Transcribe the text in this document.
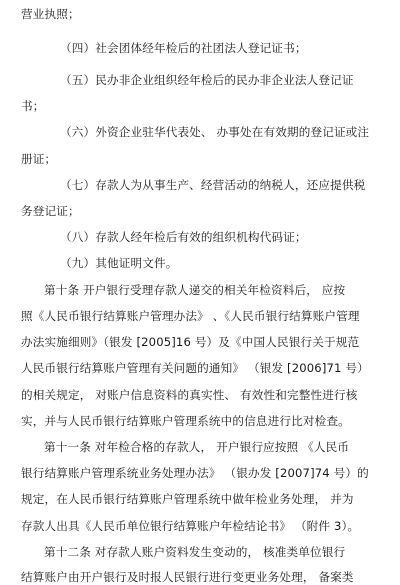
营业执照；
（四）社会团体经年检后的社团法人登记证书；
（五）民办非企业组织经年检后的民办非企业法人登记证
书；
（六）外资企业驻华代表处、 办事处在有效期的登记证或注
册证；
（七）存款人为从事生产、经营活动的纳税人，还应提供税
务登记证；
（八）存款人经年检后有效的组织机构代码证；
（九）其他证明文件。
第十条 开户银行受理存款人递交的相关年检资料后， 应按
照《人民币银行结算账户管理办法》 、《人民币银行结算账户管理
办法实施细则》（银发 [2005]16 号）及《中国人民银行关于规范
人民币银行结算账户管理有关问题的通知》 （银发 [2006]71 号）
的相关规定， 对账户信息资料的真实性、 有效性和完整性进行核
实，并与人民币银行结算账户管理系统中的信息进行比对检查。
第十一条 对年检合格的存款人， 开户银行应按照 《人民币
银行结算账户管理系统业务处理办法》 （银办发 [2007]74 号）的
规定，在人民币银行结算账户管理系统中做年检业务处理， 并为
存款人出具《人民币单位银行结算账户年检结论书》 （附件 3）。
第十二条 对存款人账户资料发生变动的， 核准类单位银行
结算账户由开户银行及时报人民银行进行变更业务处理， 备案类
